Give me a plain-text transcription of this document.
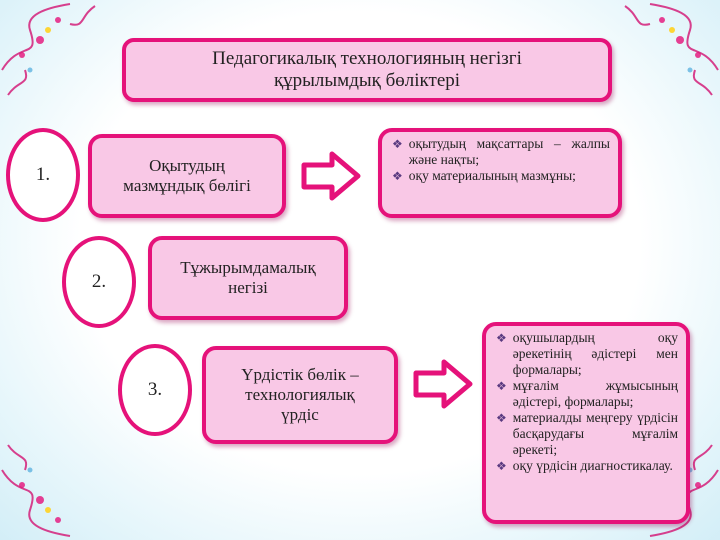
Педагогикалық технологияның негізгі
құрылымдық бөліктері
Оқытудың
мазмұндық бөлігі
1.
❖ оқытудың мақсаттары – жалпы және нақты;
❖ оқу материалының мазмұны;
Тұжырымдамалық
негізі
2.
Үрдістік бөлік –
технологиялық
үрдіс
3.
❖ оқушылардың оқу әрекетінің әдістері мен формалары;
❖ мұғалім жұмысының әдістері, формалары;
❖ материалды меңгеру үрдісін басқарудағы мұғалім әрекеті;
❖ оқу үрдісін диагностикалау.
